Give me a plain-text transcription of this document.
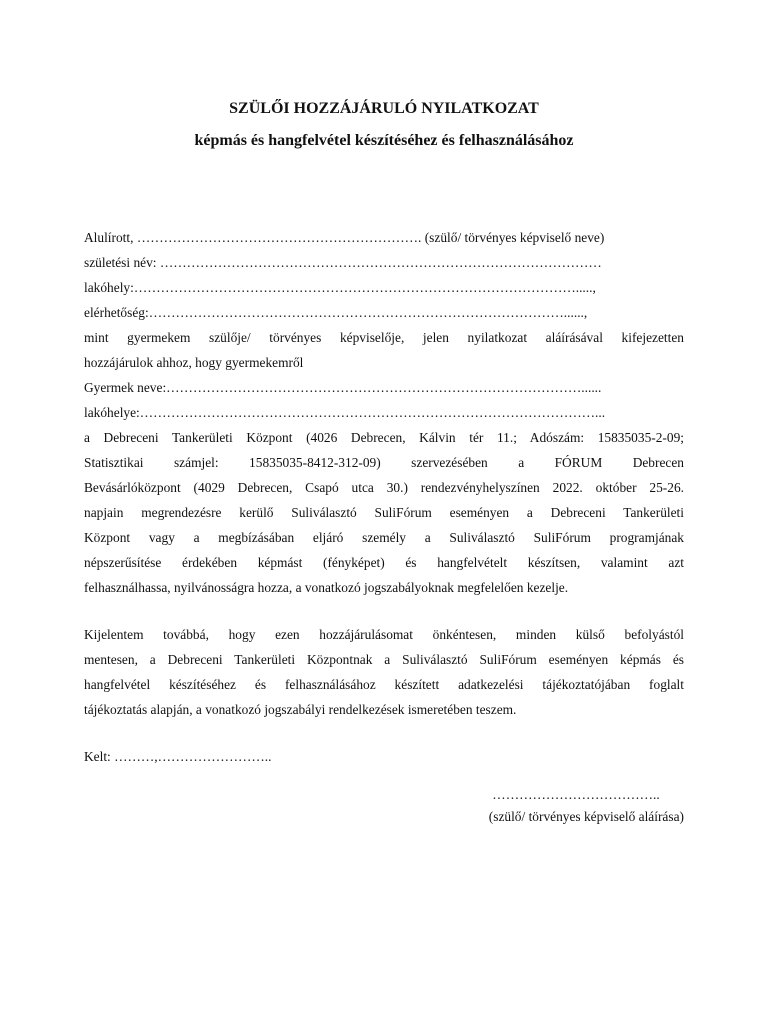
SZÜLŐI HOZZÁJÁRULÓ NYILATKOZAT
képmás és hangfelvétel készítéséhez és felhasználásához
Alulírott, ………………………………………………………. (szülő/ törvényes képviselő neve)
születési név: ………………………………………………………………………………………
lakóhely:……………………………………………………………………………………….....,
elérhetőség:…………………………………………………………………………………......,
mint gyermekem szülője/ törvényes képviselője, jelen nyilatkozat aláírásával kifejezetten
hozzájárulok ahhoz, hogy gyermekemről
Gyermek neve:…………………………………………………………………………………......
lakóhelye:…………………………………………………………………………………………...
a Debreceni Tankerületi Központ (4026 Debrecen, Kálvin tér 11.; Adószám: 15835035-2-09;
Statisztikai számjel: 15835035-8412-312-09) szervezésében a FÓRUM Debrecen
Bevásárlóközpont (4029 Debrecen, Csapó utca 30.) rendezvényhelyszínen 2022. október 25-26.
napjain megrendezésre kerülő Suliválasztó SuliFórum eseményen a Debreceni Tankerületi
Központ vagy a megbízásában eljáró személy a Suliválasztó SuliFórum programjának
népszerűsítése érdekében képmást (fényképet) és hangfelvételt készítsen, valamint azt
felhasználhassa, nyilvánosságra hozza, a vonatkozó jogszabályoknak megfelelően kezelje.
Kijelentem továbbá, hogy ezen hozzájárulásomat önkéntesen, minden külső befolyástól
mentesen, a Debreceni Tankerületi Központnak a Suliválasztó SuliFórum eseményen képmás és
hangfelvétel készítéséhez és felhasználásához készített adatkezelési tájékoztatójában foglalt
tájékoztatás alapján, a vonatkozó jogszabályi rendelkezések ismeretében teszem.
Kelt: ………,……………………..
………………………………..
(szülő/ törvényes képviselő aláírása)
